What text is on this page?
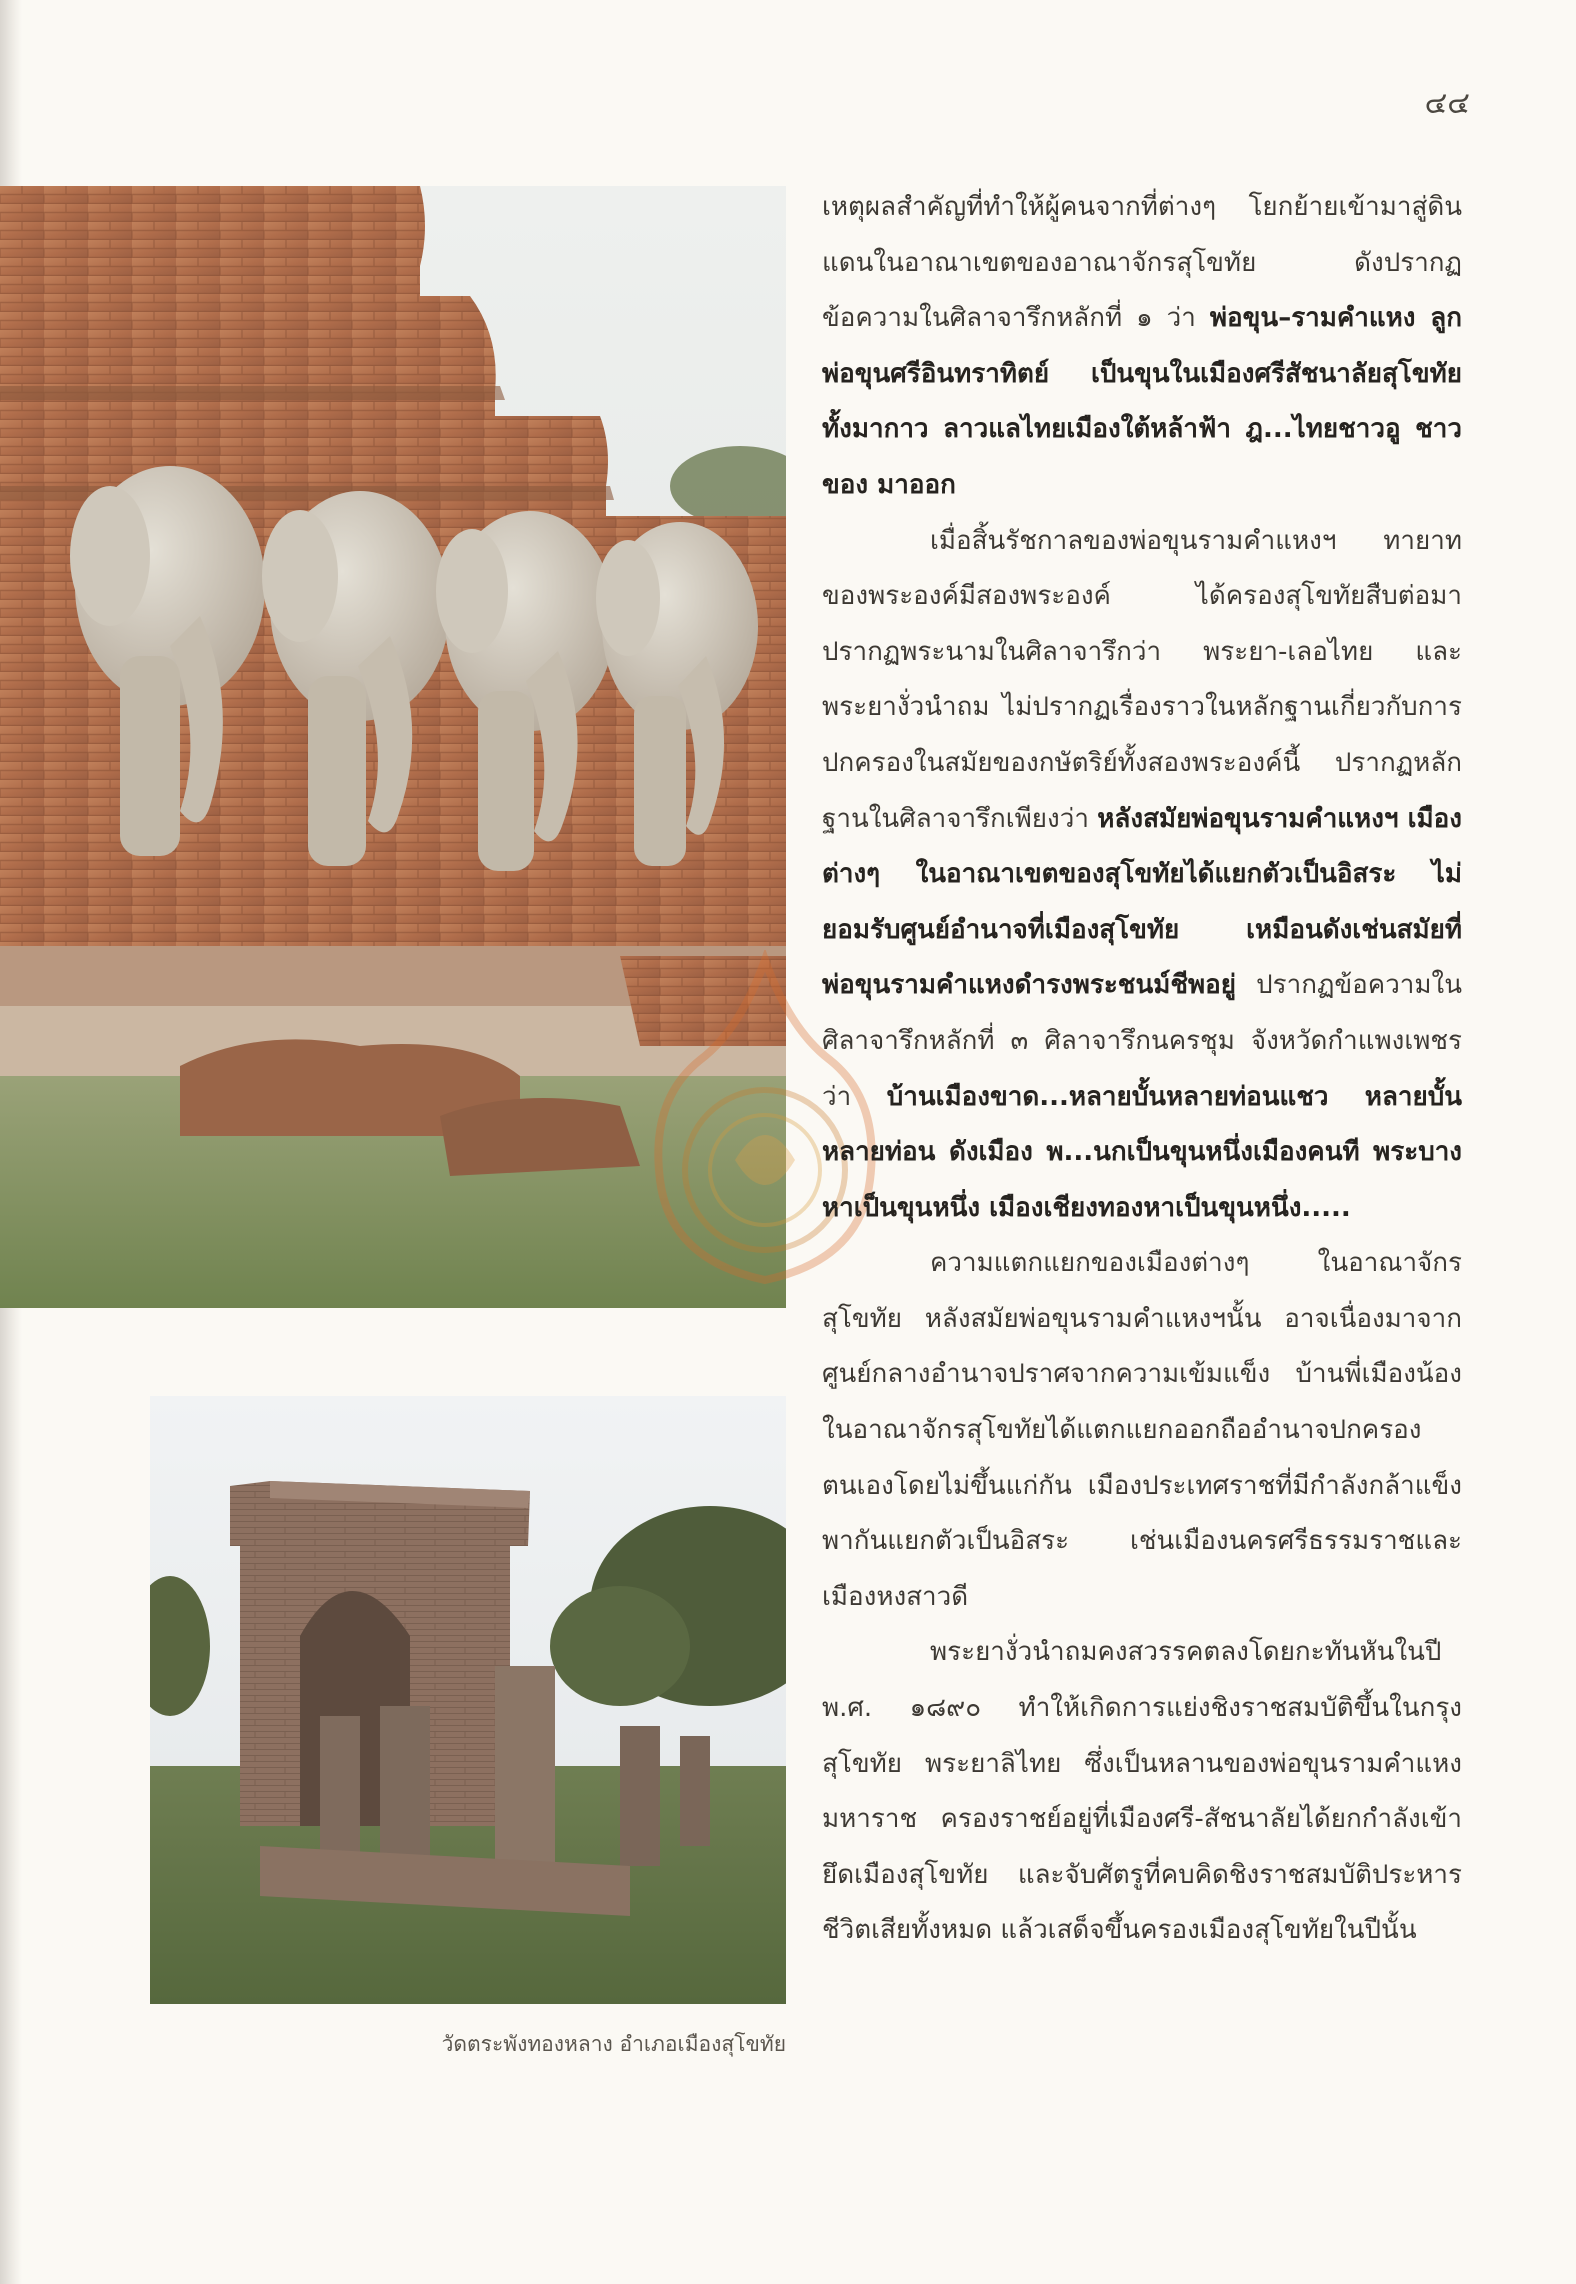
๔๔
วัดตระพังทองหลาง อำเภอเมืองสุโขทัย

เหตุผลสำคัญที่ทำให้ผู้คนจากที่ต่างๆ โยกย้ายเข้ามาสู่ดินแดนในอาณาเขตของอาณาจักรสุโขทัย ดังปรากฏข้อความในศิลาจารึกหลักที่ ๑ ว่า พ่อขุน–รามคำแหง ลูกพ่อขุนศรีอินทราทิตย์ เป็นขุนในเมืองศรีสัชนาลัยสุโขทัย ทั้งมากาว ลาวแลไทยเมืองใต้หล้าฟ้า ฎ...ไทยชาวอู ชาวของ มาออก

เมื่อสิ้นรัชกาลของพ่อขุนรามคำแหงฯ ทายาทของพระองค์มีสองพระองค์ ได้ครองสุโขทัยสืบต่อมา ปรากฏพระนามในศิลาจารึกว่า พระยา-เลอไทย และพระยางั่วนำถม ไม่ปรากฏเรื่องราวในหลักฐานเกี่ยวกับการปกครองในสมัยของกษัตริย์ทั้งสองพระองค์นี้ ปรากฏหลักฐานในศิลาจารึกเพียงว่า หลังสมัยพ่อขุนรามคำแหงฯ เมืองต่างๆ ในอาณาเขตของสุโขทัยได้แยกตัวเป็นอิสระ ไม่ยอมรับศูนย์อำนาจที่เมืองสุโขทัย เหมือนดังเช่นสมัยที่พ่อขุนรามคำแหงดำรงพระชนม์ชีพอยู่ ปรากฏข้อความในศิลาจารึกหลักที่ ๓ ศิลาจารึกนครชุม จังหวัดกำแพงเพชร ว่า บ้านเมืองขาด...หลายบั้นหลายท่อนแชว หลายบั้นหลายท่อน ดังเมือง พ...นกเป็นขุนหนึ่งเมืองคนที พระบาง หาเป็นขุนหนึ่ง เมืองเชียงทองหาเป็นขุนหนึ่ง.....

ความแตกแยกของเมืองต่างๆ ในอาณาจักรสุโขทัย หลังสมัยพ่อขุนรามคำแหงฯนั้น อาจเนื่องมาจากศูนย์กลางอำนาจปราศจากความเข้มแข็ง บ้านพี่เมืองน้องในอาณาจักรสุโขทัยได้แตกแยกออกถืออำนาจปกครองตนเองโดยไม่ขึ้นแก่กัน เมืองประเทศราชที่มีกำลังกล้าแข็ง พากันแยกตัวเป็นอิสระ เช่นเมืองนครศรีธรรมราชและเมืองหงสาวดี

พระยางั่วนำถมคงสวรรคตลงโดยกะทันหันในปี พ.ศ. ๑๘๙๐ ทำให้เกิดการแย่งชิงราชสมบัติขึ้นในกรุงสุโขทัย พระยาลิไทย ซึ่งเป็นหลานของพ่อขุนรามคำแหงมหาราช ครองราชย์อยู่ที่เมืองศรี-สัชนาลัยได้ยกกำลังเข้ายึดเมืองสุโขทัย และจับศัตรูที่คบคิดชิงราชสมบัติประหารชีวิตเสียทั้งหมด แล้วเสด็จขึ้นครองเมืองสุโขทัยในปีนั้น
